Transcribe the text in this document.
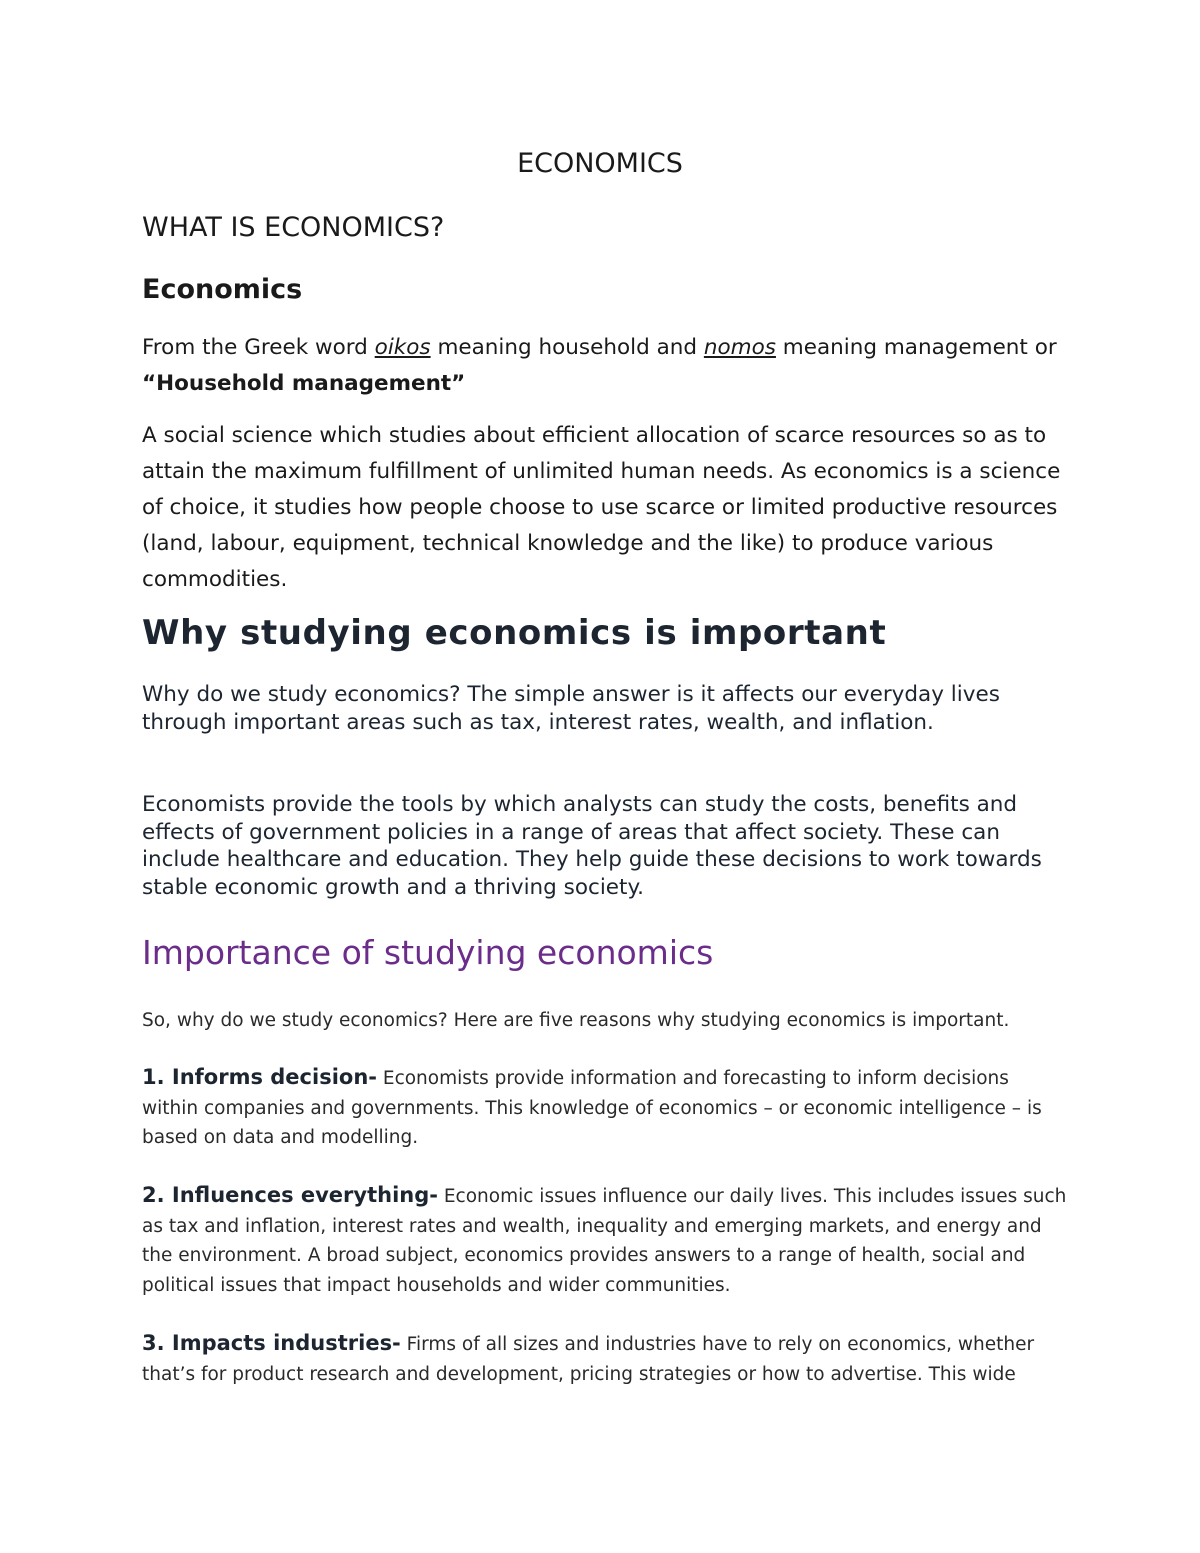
ECONOMICS
WHAT IS ECONOMICS?
Economics

From the Greek word oikos meaning household and nomos meaning management or “Household management”

A social science which studies about efficient allocation of scarce resources so as to attain the maximum fulfillment of unlimited human needs. As economics is a science of choice, it studies how people choose to use scarce or limited productive resources (land, labour, equipment, technical knowledge and the like) to produce various commodities.

Why studying economics is important

Why do we study economics? The simple answer is it affects our everyday lives through important areas such as tax, interest rates, wealth, and inflation.

Economists provide the tools by which analysts can study the costs, benefits and effects of government policies in a range of areas that affect society. These can include healthcare and education. They help guide these decisions to work towards stable economic growth and a thriving society.

Importance of studying economics

So, why do we study economics? Here are five reasons why studying economics is important.

1. Informs decision- Economists provide information and forecasting to inform decisions within companies and governments. This knowledge of economics – or economic intelligence – is based on data and modelling.

2. Influences everything- Economic issues influence our daily lives. This includes issues such as tax and inflation, interest rates and wealth, inequality and emerging markets, and energy and the environment. A broad subject, economics provides answers to a range of health, social and political issues that impact households and wider communities.

3. Impacts industries- Firms of all sizes and industries have to rely on economics, whether that’s for product research and development, pricing strategies or how to advertise. This wide
